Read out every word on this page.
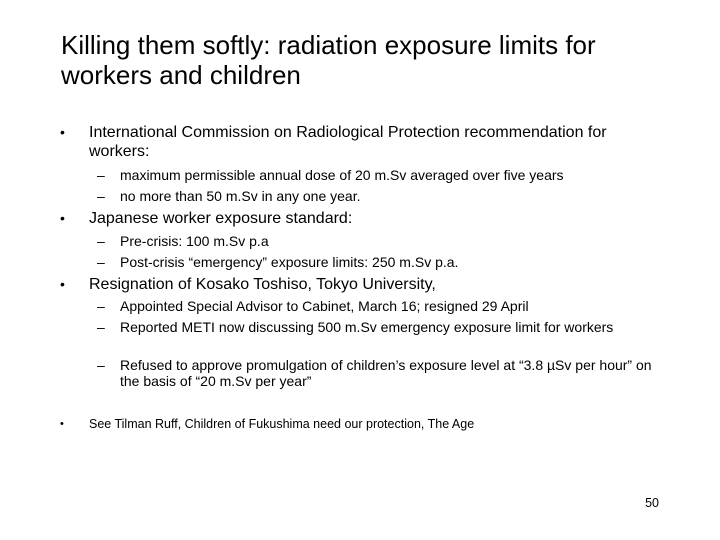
Killing them softly: radiation exposure limits for workers and children
• International Commission on Radiological Protection recommendation for workers:
– maximum permissible annual dose of 20 m.Sv averaged over five years
– no more than 50 m.Sv in any one year.
• Japanese worker exposure standard:
– Pre-crisis: 100 m.Sv p.a
– Post-crisis “emergency” exposure limits: 250 m.Sv p.a.
• Resignation of Kosako Toshiso, Tokyo University,
– Appointed Special Advisor to Cabinet, March 16; resigned 29 April
– Reported METI now discussing 500 m.Sv emergency exposure limit for workers
– Refused to approve promulgation of children’s exposure level at “3.8 µSv per hour” on the basis of “20 m.Sv per year”
• See Tilman Ruff, Children of Fukushima need our protection, The Age
50
